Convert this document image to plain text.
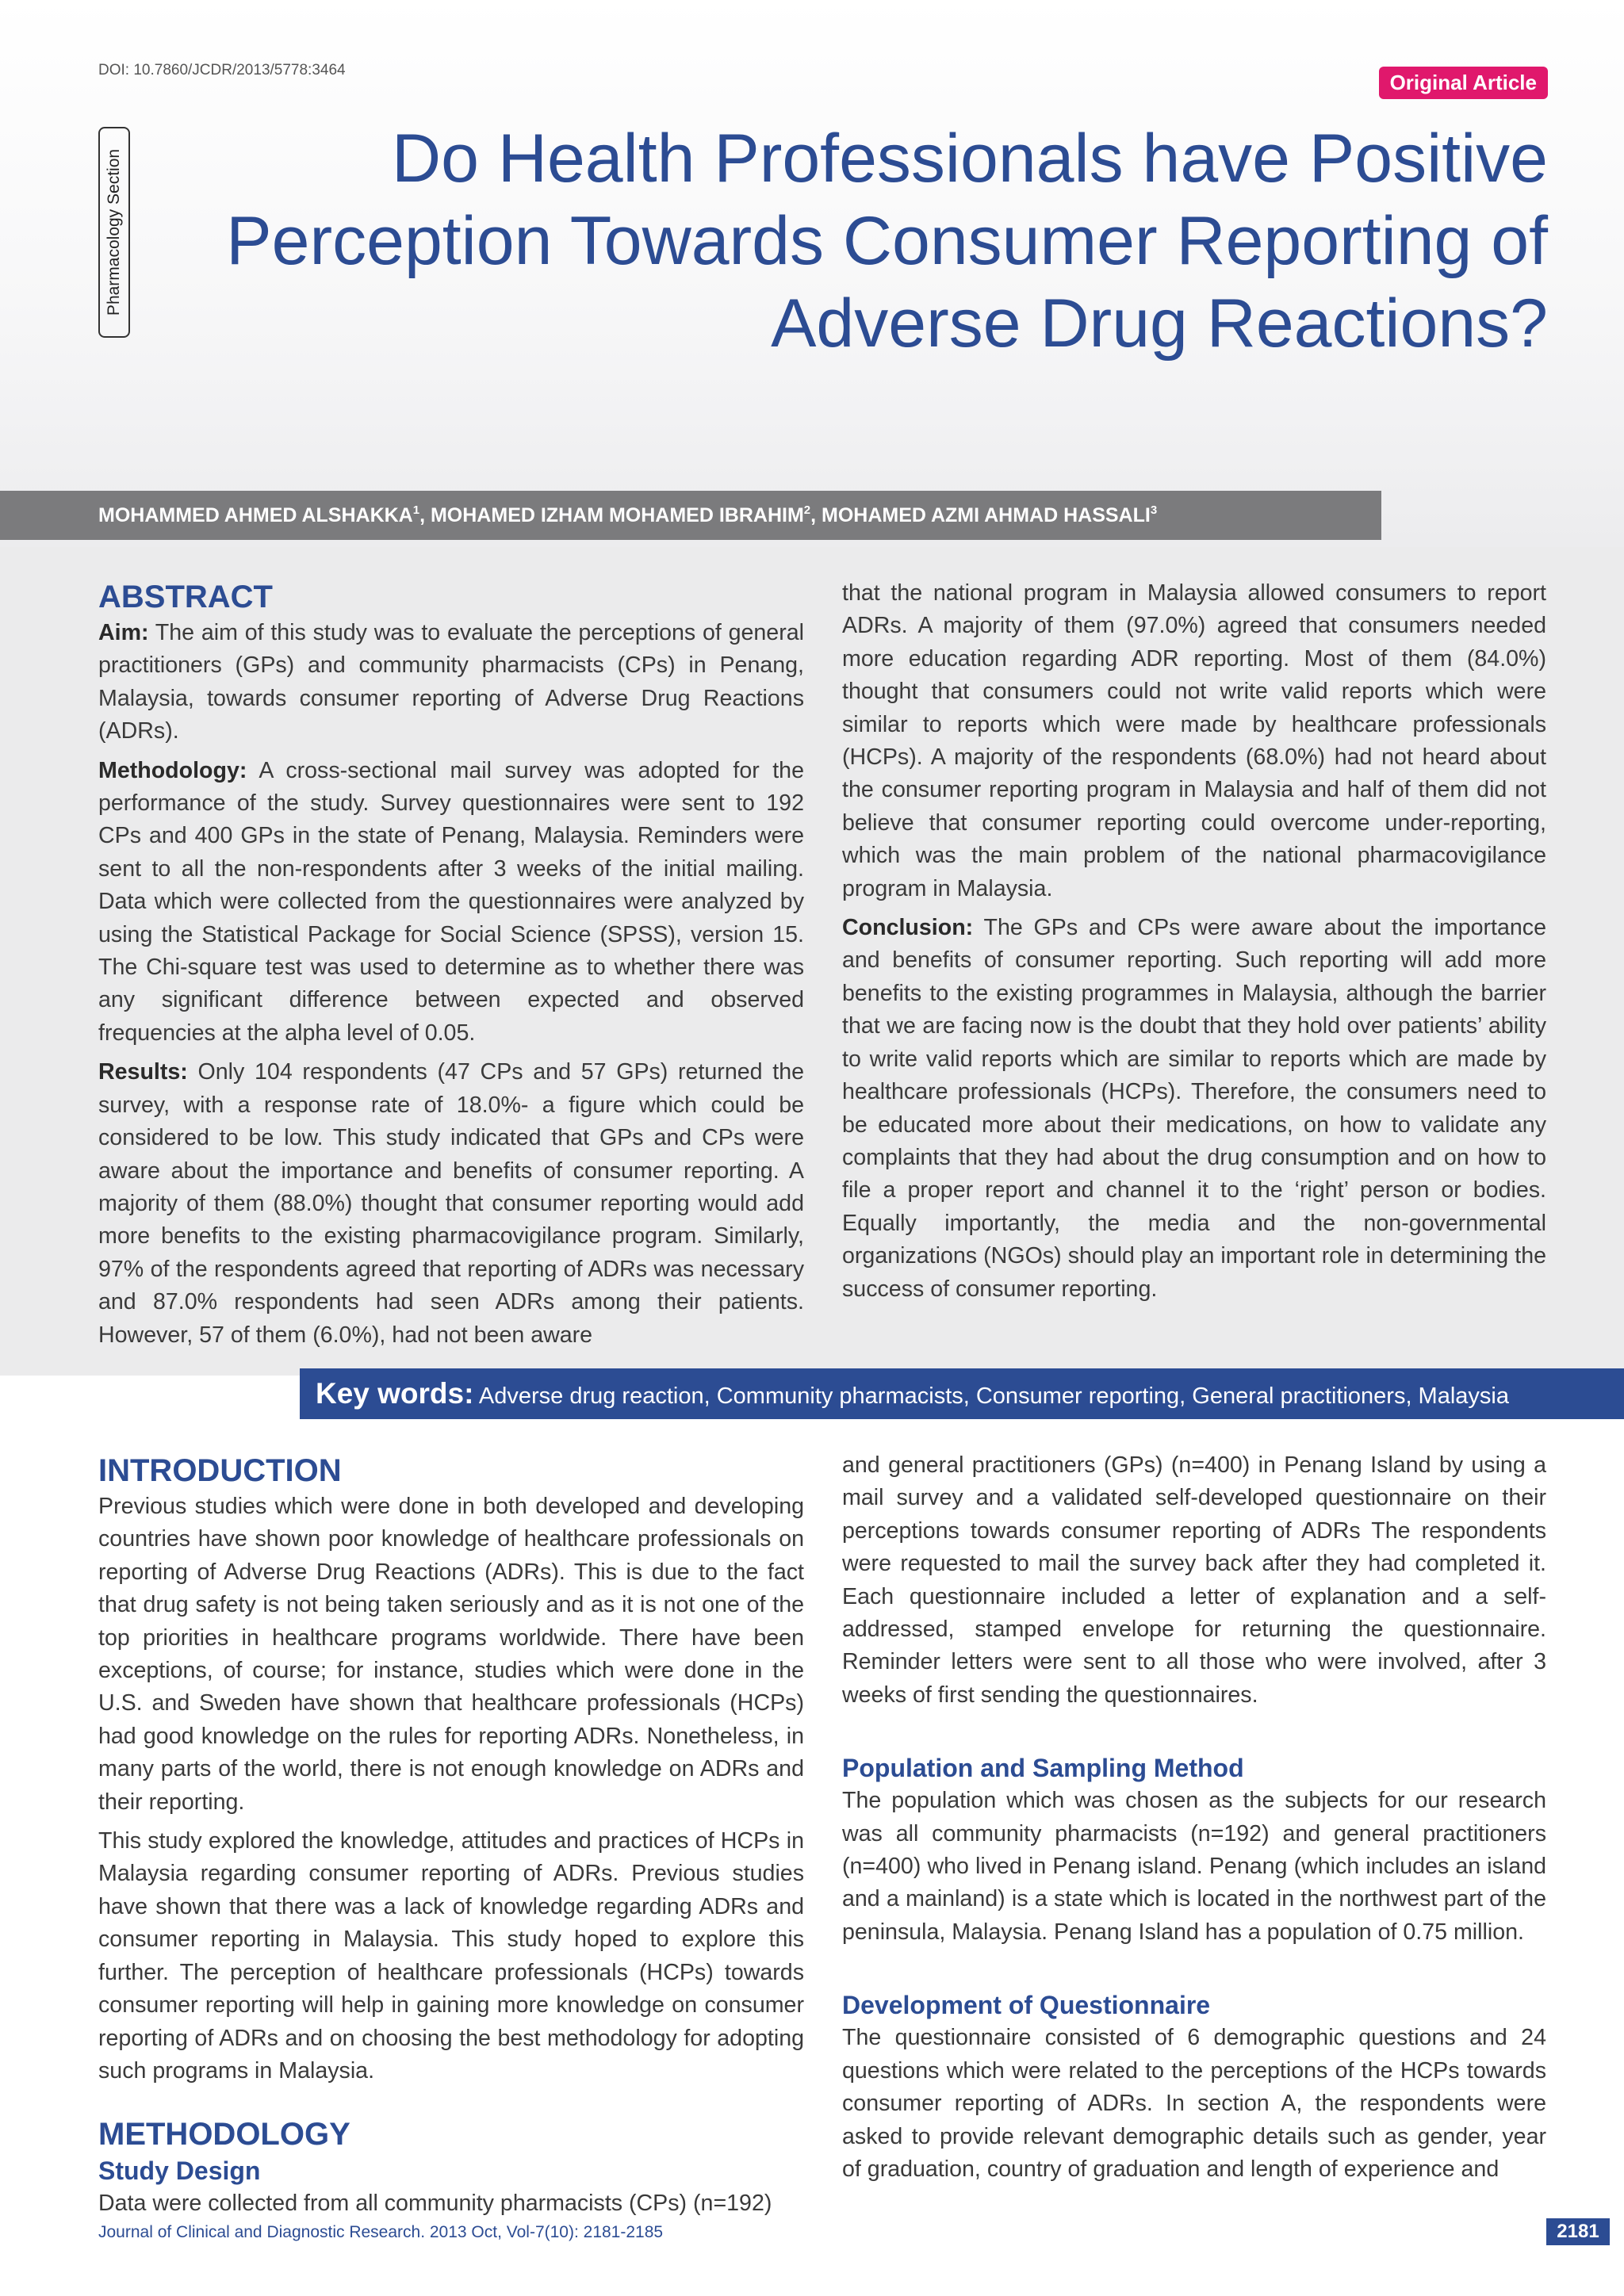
DOI: 10.7860/JCDR/2013/5778:3464
Original Article
Pharmacology Section	Do Health Professionals have Positive Perception Towards Consumer Reporting of Adverse Drug Reactions?
MOHAMMED AHMED ALSHAKKA$^1$, MOHAMED IZHAM MOHAMED IBRAHIM$^2$, MOHAMED AZMI AHMAD HASSALI$^3$
ABSTRACT

Aim: The aim of this study was to evaluate the perceptions of general practitioners (GPs) and community pharmacists (CPs) in Penang, Malaysia, towards consumer reporting of Adverse Drug Reactions (ADRs).

Methodology: A cross-sectional mail survey was adopted for the performance of the study. Survey questionnaires were sent to 192 CPs and 400 GPs in the state of Penang, Malaysia. Reminders were sent to all the non-respondents after 3 weeks of the initial mailing. Data which were collected from the questionnaires were analyzed by using the Statistical Package for Social Science (SPSS), version 15. The Chi-square test was used to determine as to whether there was any significant difference between expected and observed frequencies at the alpha level of 0.05.

Results: Only 104 respondents (47 CPs and 57 GPs) returned the survey, with a response rate of 18.0%- a figure which could be considered to be low. This study indicated that GPs and CPs were aware about the importance and benefits of consumer reporting. A majority of them (88.0%) thought that consumer reporting would add more benefits to the existing pharmacovigilance program. Similarly, 97% of the respondents agreed that reporting of ADRs was necessary and 87.0% respondents had seen ADRs among their patients. However, 57 of them (6.0%), had not been aware

that the national program in Malaysia allowed consumers to report ADRs. A majority of them (97.0%) agreed that consumers needed more education regarding ADR reporting. Most of them (84.0%) thought that consumers could not write valid reports which were similar to reports which were made by healthcare professionals (HCPs). A majority of the respondents (68.0%) had not heard about the consumer reporting program in Malaysia and half of them did not believe that consumer reporting could overcome under-reporting, which was the main problem of the national pharmacovigilance program in Malaysia.

Conclusion: The GPs and CPs were aware about the importance and benefits of consumer reporting. Such reporting will add more benefits to the existing programmes in Malaysia, although the barrier that we are facing now is the doubt that they hold over patients’ ability to write valid reports which are similar to reports which are made by healthcare professionals (HCPs). Therefore, the consumers need to be educated more about their medications, on how to validate any complaints that they had about the drug consumption and on how to file a proper report and channel it to the ‘right’ person or bodies. Equally importantly, the media and the non-governmental organizations (NGOs) should play an important role in determining the success of consumer reporting.

Key words: Adverse drug reaction, Community pharmacists, Consumer reporting, General practitioners, Malaysia
INTRODUCTION

Previous studies which were done in both developed and developing countries have shown poor knowledge of healthcare professionals on reporting of Adverse Drug Reactions (ADRs). This is due to the fact that drug safety is not being taken seriously and as it is not one of the top priorities in healthcare programs worldwide. There have been exceptions, of course; for instance, studies which were done in the U.S. and Sweden have shown that healthcare professionals (HCPs) had good knowledge on the rules for reporting ADRs. Nonetheless, in many parts of the world, there is not enough knowledge on ADRs and their reporting.

This study explored the knowledge, attitudes and practices of HCPs in Malaysia regarding consumer reporting of ADRs. Previous studies have shown that there was a lack of knowledge regarding ADRs and consumer reporting in Malaysia. This study hoped to explore this further. The perception of healthcare professionals (HCPs) towards consumer reporting will help in gaining more knowledge on consumer reporting of ADRs and on choosing the best methodology for adopting such programs in Malaysia.

METHODOLOGY
Study Design

Data were collected from all community pharmacists (CPs) (n=192)

and general practitioners (GPs) (n=400) in Penang Island by using a mail survey and a validated self-developed questionnaire on their perceptions towards consumer reporting of ADRs The respondents were requested to mail the survey back after they had completed it. Each questionnaire included a letter of explanation and a self-addressed, stamped envelope for returning the questionnaire. Reminder letters were sent to all those who were involved, after 3 weeks of first sending the questionnaires.

Population and Sampling Method

The population which was chosen as the subjects for our research was all community pharmacists (n=192) and general practitioners (n=400) who lived in Penang island. Penang (which includes an island and a mainland) is a state which is located in the northwest part of the peninsula, Malaysia. Penang Island has a population of 0.75 million.

Development of Questionnaire

The questionnaire consisted of 6 demographic questions and 24 questions which were related to the perceptions of the HCPs towards consumer reporting of ADRs. In section A, the respondents were asked to provide relevant demographic details such as gender, year of graduation, country of graduation and length of experience and

Journal of Clinical and Diagnostic Research. 2013 Oct, Vol-7(10): 2181-2185	2181
